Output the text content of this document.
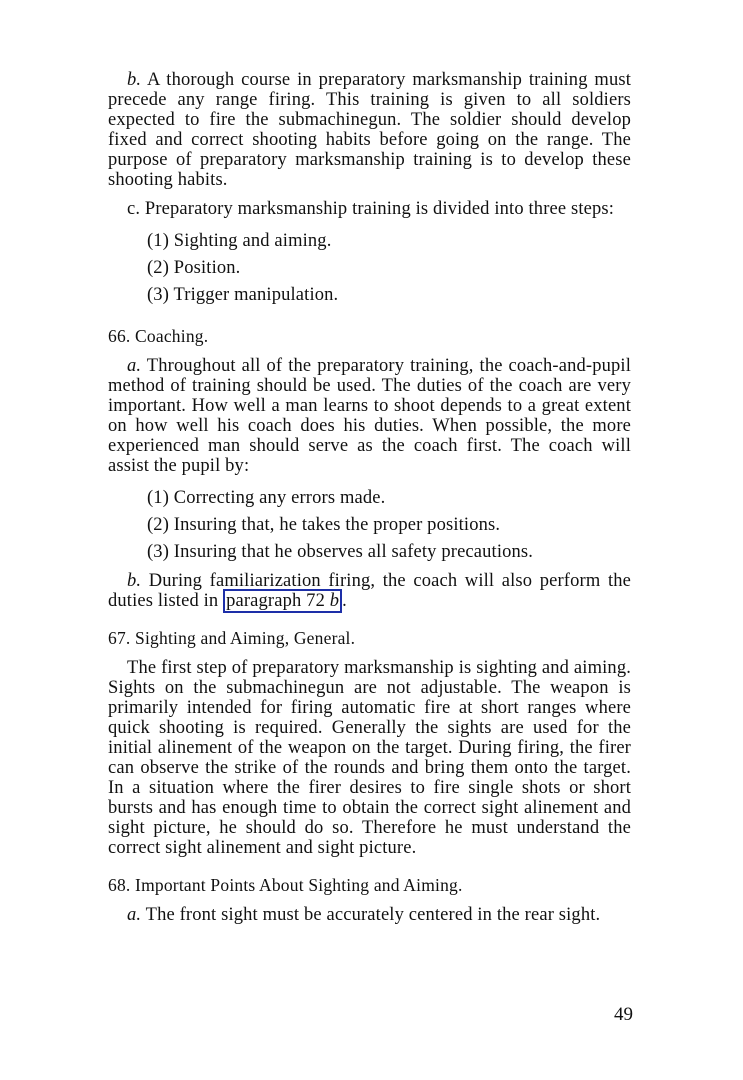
b. A thorough course in preparatory marksmanship training must precede any range firing. This training is given to all soldiers expected to fire the submachinegun. The soldier should develop fixed and correct shooting habits before going on the range. The purpose of preparatory marksmanship training is to develop these shooting habits.

c. Preparatory marksmanship training is divided into three steps:

(1) Sighting and aiming.
(2) Position.
(3) Trigger manipulation.
66. Coaching.

a. Throughout all of the preparatory training, the coach-and-pupil method of training should be used. The duties of the coach are very important. How well a man learns to shoot depends to a great extent on how well his coach does his duties. When possible, the more experienced man should serve as the coach first. The coach will assist the pupil by:

(1) Correcting any errors made.
(2) Insuring that, he takes the proper positions.
(3) Insuring that he observes all safety precautions.

b. During familiarization firing, the coach will also perform the duties listed in paragraph 72 b .

67. Sighting and Aiming, General.

The first step of preparatory marksmanship is sighting and aiming. Sights on the submachinegun are not adjustable. The weapon is primarily intended for firing automatic fire at short ranges where quick shooting is required. Generally the sights are used for the initial alinement of the weapon on the target. During firing, the firer can observe the strike of the rounds and bring them onto the target. In a situation where the firer desires to fire single shots or short bursts and has enough time to obtain the correct sight alinement and sight picture, he should do so. Therefore he must understand the correct sight alinement and sight picture.

68. Important Points About Sighting and Aiming.

a. The front sight must be accurately centered in the rear sight.

49
